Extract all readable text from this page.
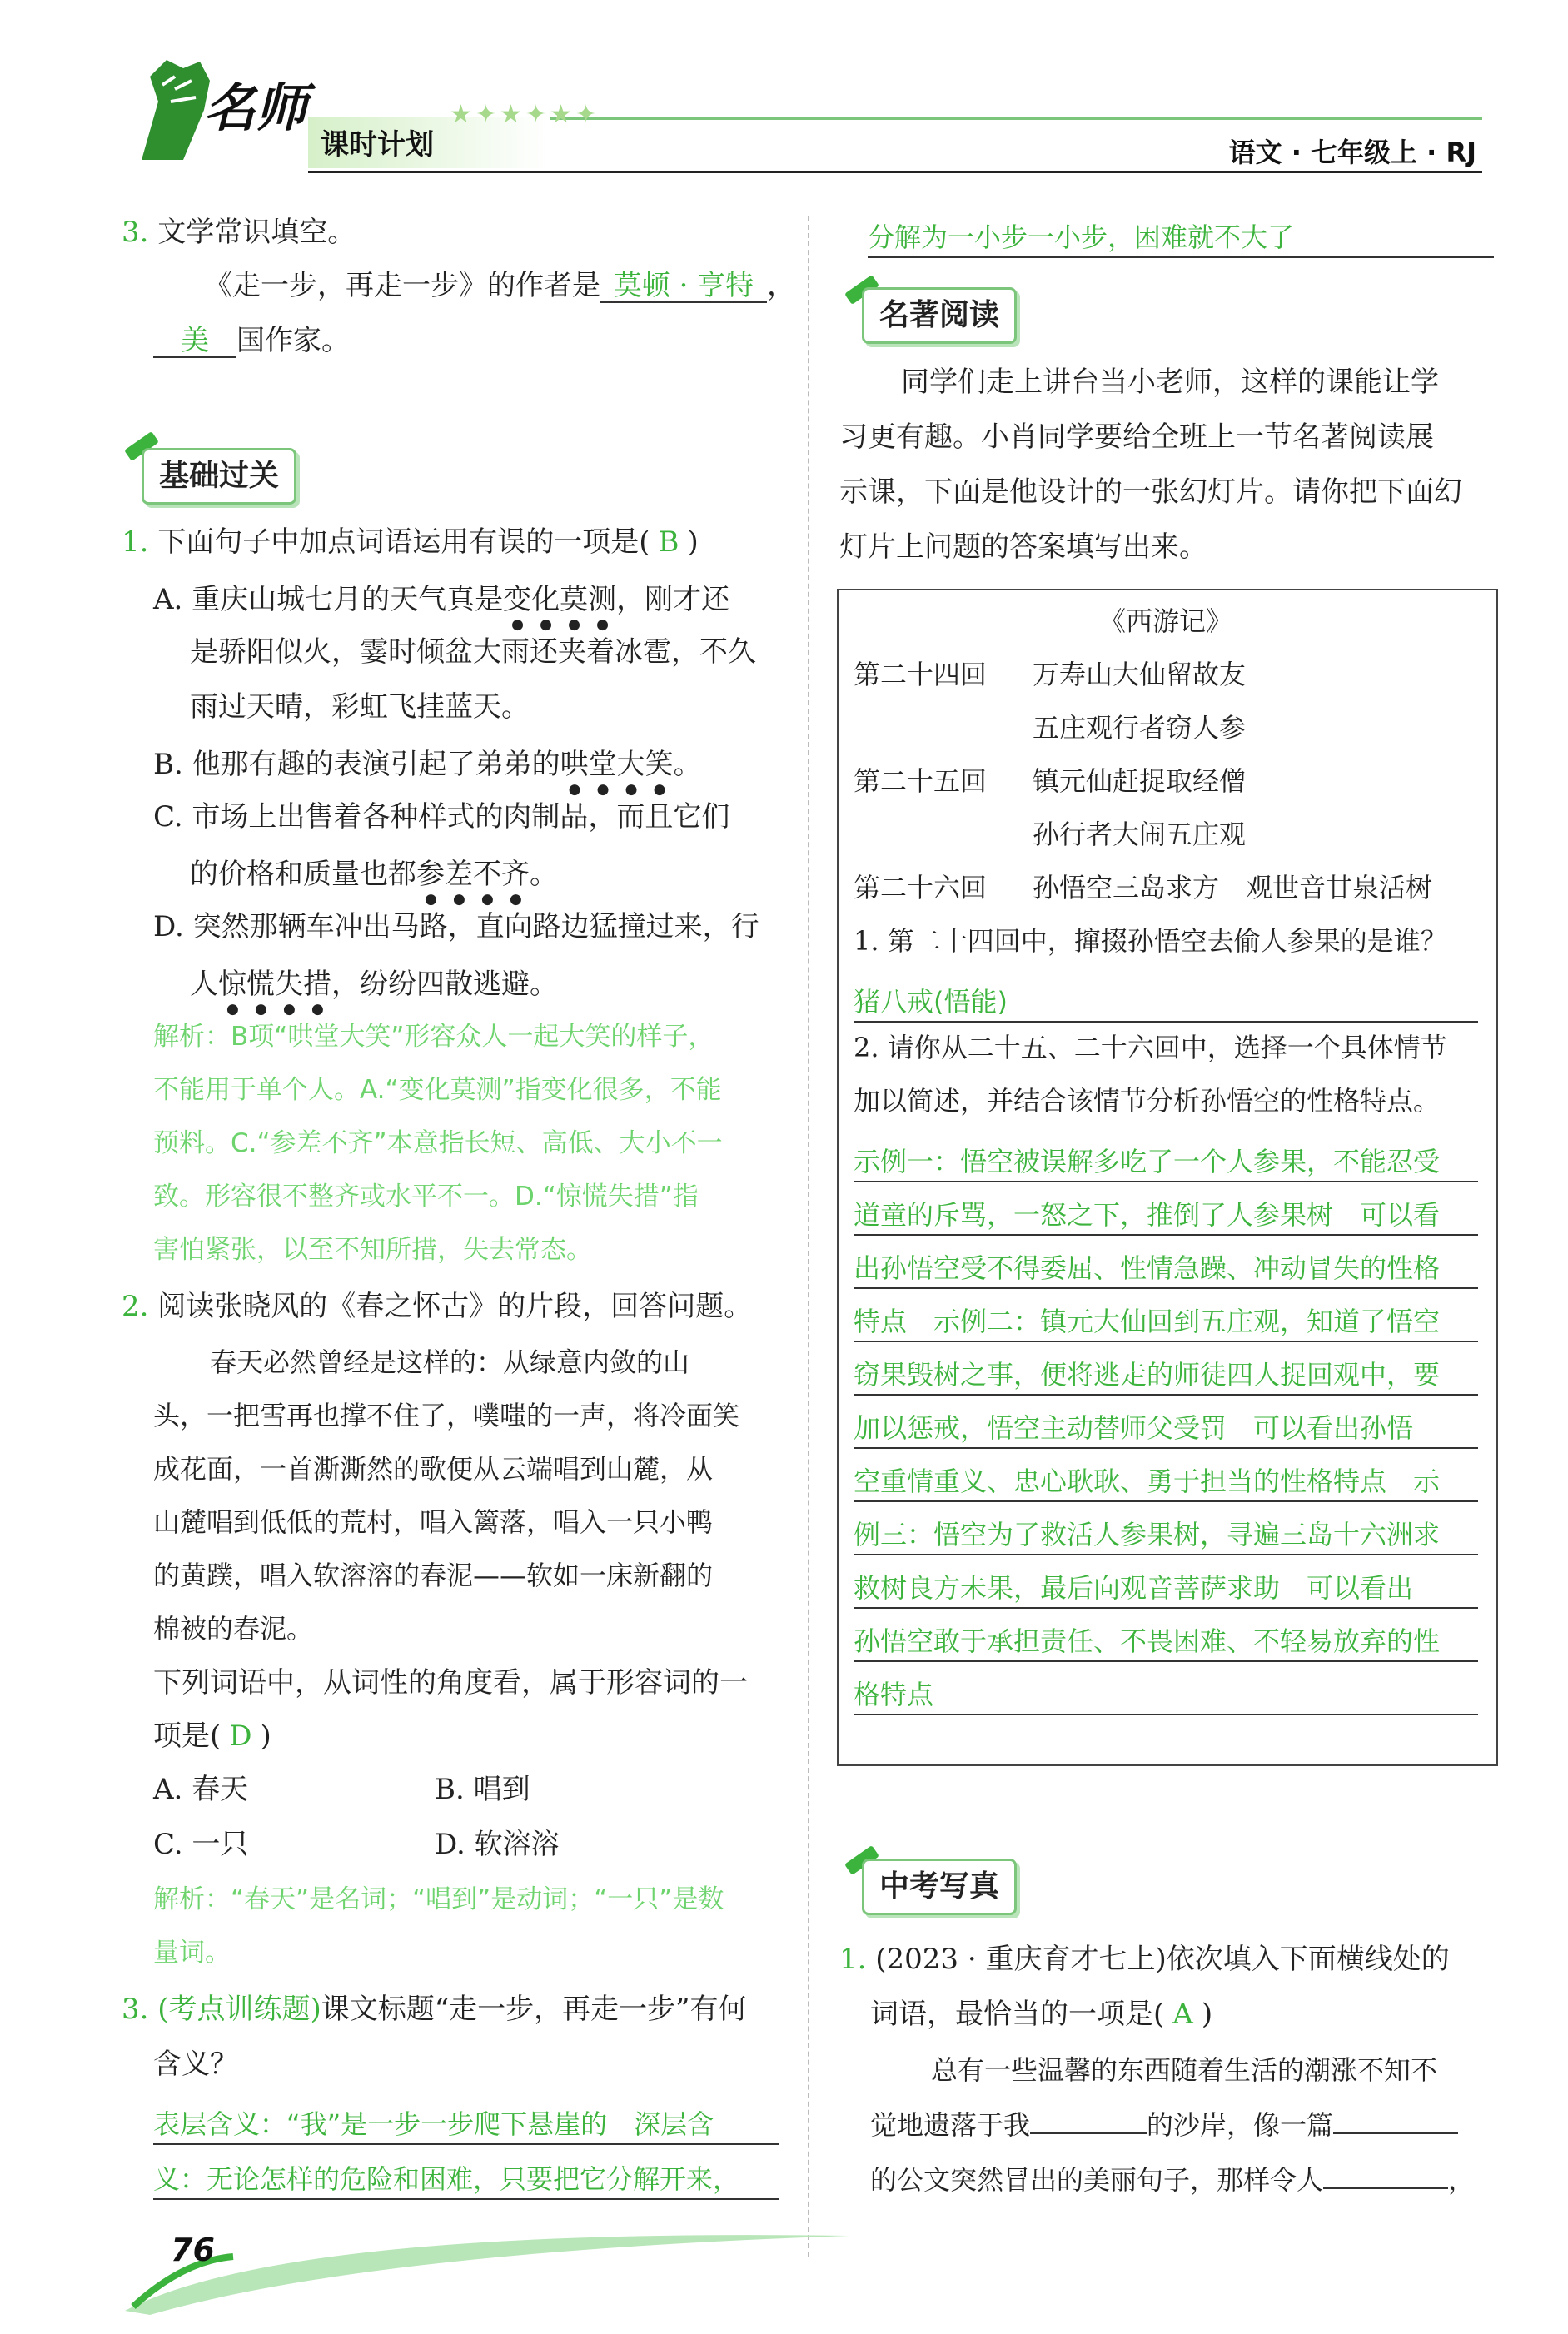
名师
课时计划
★✦★✦★✦
语文 · 七年级上 · RJ
3. 文学常识填空。
《走一步，再走一步》的作者是 莫顿 · 亨特 ，
美 国作家。
基础过关
1. 下面句子中加点词语运用有误的一项是( B )
A. 重庆山城七月的天气真是变化莫测，刚才还
是骄阳似火，霎时倾盆大雨还夹着冰雹，不久
雨过天晴，彩虹飞挂蓝天。
B. 他那有趣的表演引起了弟弟的哄堂大笑。
C. 市场上出售着各种样式的肉制品，而且它们
的价格和质量也都参差不齐。
D. 突然那辆车冲出马路，直向路边猛撞过来，行
人惊慌失措，纷纷四散逃避。
解析：B项“哄堂大笑”形容众人一起大笑的样子，
不能用于单个人。A.“变化莫测”指变化很多，不能
预料。C.“参差不齐”本意指长短、高低、大小不一
致。形容很不整齐或水平不一。D.“惊慌失措”指
害怕紧张，以至不知所措，失去常态。
2. 阅读张晓风的《春之怀古》的片段，回答问题。
春天必然曾经是这样的：从绿意内敛的山
头，一把雪再也撑不住了，噗嗤的一声，将冷面笑
成花面，一首澌澌然的歌便从云端唱到山麓，从
山麓唱到低低的荒村，唱入篱落，唱入一只小鸭
的黄蹼，唱入软溶溶的春泥——软如一床新翻的
棉被的春泥。
下列词语中，从词性的角度看，属于形容词的一
项是( D )
A. 春天	B. 唱到
C. 一只	D. 软溶溶
解析：“春天”是名词；“唱到”是动词；“一只”是数
量词。
3. (考点训练题)课文标题“走一步，再走一步”有何
含义？
表层含义：“我”是一步一步爬下悬崖的　深层含
义：无论怎样的危险和困难，只要把它分解开来，
分解为一小步一小步，困难就不大了
名著阅读
同学们走上讲台当小老师，这样的课能让学
习更有趣。小肖同学要给全班上一节名著阅读展
示课，下面是他设计的一张幻灯片。请你把下面幻
灯片上问题的答案填写出来。
《西游记》
第二十四回 万寿山大仙留故友
五庄观行者窃人参
第二十五回 镇元仙赶捉取经僧
孙行者大闹五庄观
第二十六回 孙悟空三岛求方　观世音甘泉活树
1. 第二十四回中，撺掇孙悟空去偷人参果的是谁？
猪八戒(悟能)
2. 请你从二十五、二十六回中，选择一个具体情节
加以简述，并结合该情节分析孙悟空的性格特点。
示例一：悟空被误解多吃了一个人参果，不能忍受
道童的斥骂，一怒之下，推倒了人参果树　可以看
出孙悟空受不得委屈、性情急躁、冲动冒失的性格
特点　示例二：镇元大仙回到五庄观，知道了悟空
窃果毁树之事，便将逃走的师徒四人捉回观中，要
加以惩戒，悟空主动替师父受罚　可以看出孙悟
空重情重义、忠心耿耿、勇于担当的性格特点　示
例三：悟空为了救活人参果树，寻遍三岛十六洲求
救树良方未果，最后向观音菩萨求助　可以看出
孙悟空敢于承担责任、不畏困难、不轻易放弃的性
格特点
中考写真
1. (2023 · 重庆育才七上)依次填入下面横线处的
词语，最恰当的一项是( A )
总有一些温馨的东西随着生活的潮涨不知不
觉地遗落于我	的沙岸，像一篇
的公文突然冒出的美丽句子，那样令人	，
76
